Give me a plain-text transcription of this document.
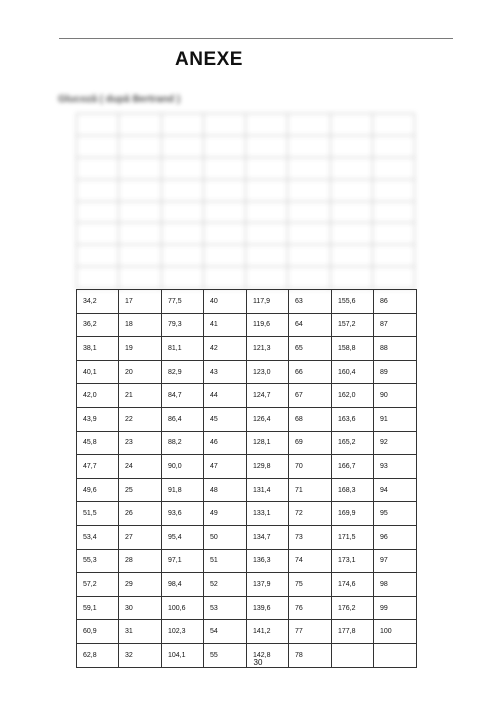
ANEXE
Glucoză ( după Bertrand )

34,2	17	77,5	40	117,9	63	155,6	86
36,2	18	79,3	41	119,6	64	157,2	87
38,1	19	81,1	42	121,3	65	158,8	88
40,1	20	82,9	43	123,0	66	160,4	89
42,0	21	84,7	44	124,7	67	162,0	90
43,9	22	86,4	45	126,4	68	163,6	91
45,8	23	88,2	46	128,1	69	165,2	92
47,7	24	90,0	47	129,8	70	166,7	93
49,6	25	91,8	48	131,4	71	168,3	94
51,5	26	93,6	49	133,1	72	169,9	95
53,4	27	95,4	50	134,7	73	171,5	96
55,3	28	97,1	51	136,3	74	173,1	97
57,2	29	98,4	52	137,9	75	174,6	98
59,1	30	100,6	53	139,6	76	176,2	99
60,9	31	102,3	54	141,2	77	177,8	100
62,8	32	104,1	55	142,8	78		
30
